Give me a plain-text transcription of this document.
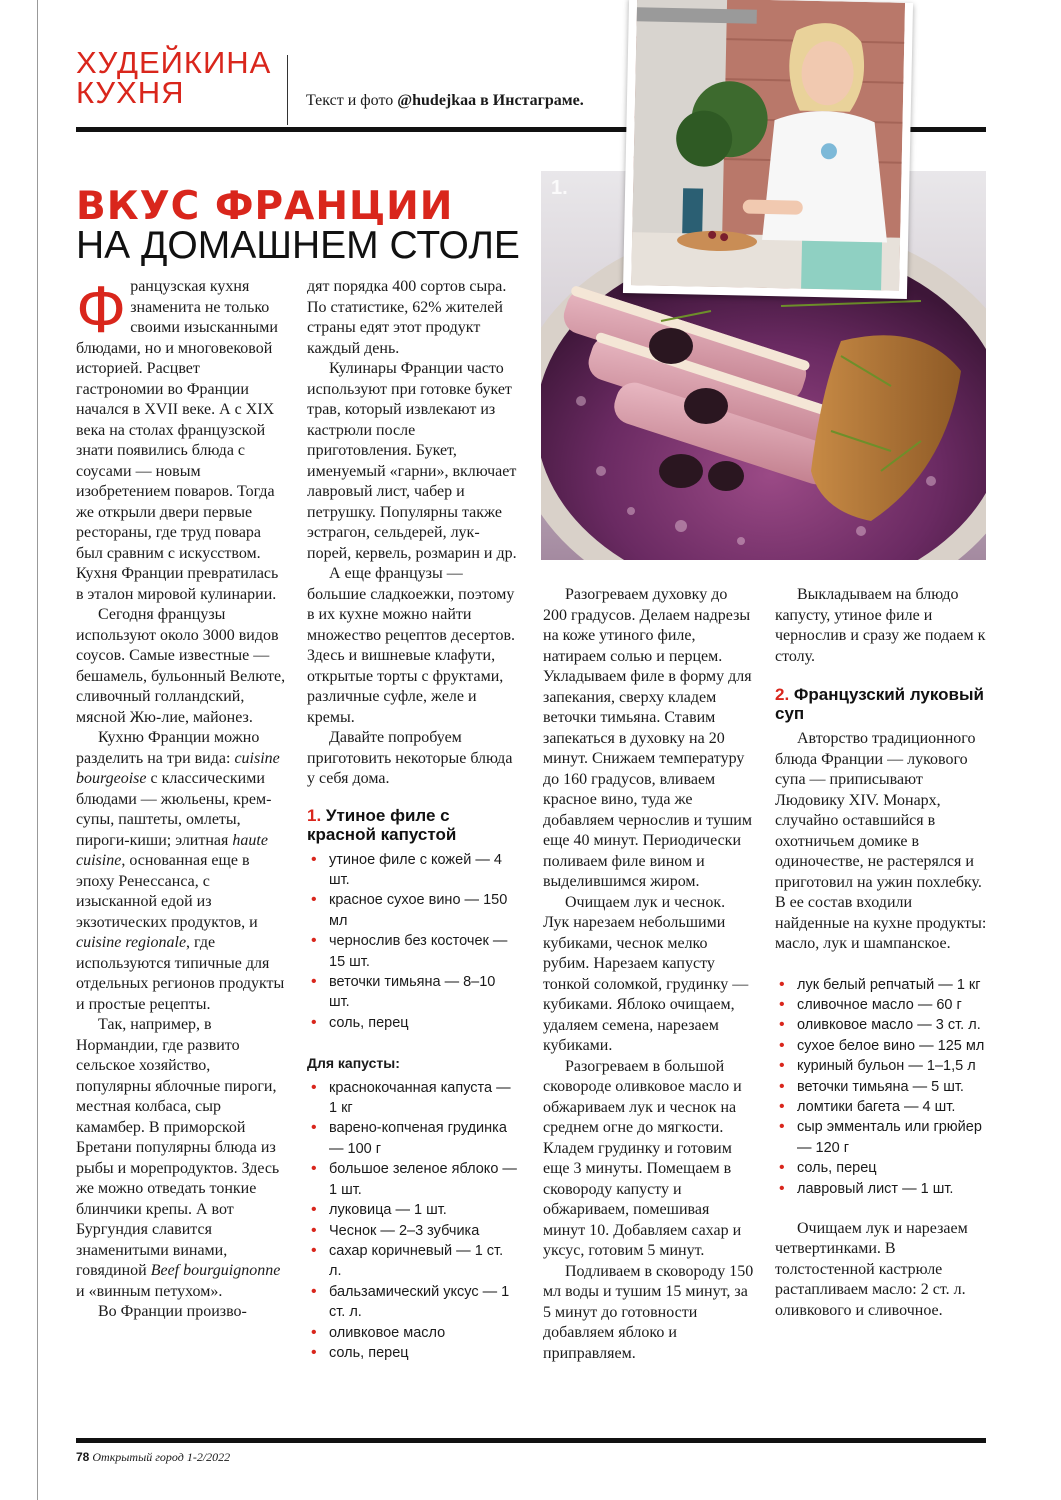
ХУДЕЙКИНА
КУХНЯ	Текст и фото @hudejkaa в Инстаграме.
ВКУС ФРАНЦИИ
НА ДОМАШНЕМ СТОЛЕ
1.

Французская кухня знаменита не только своими изысканными блюдами, но и многовековой историей. Расцвет гастрономии во Франции начался в XVII веке. А с XIX века на столах французской знати появились блюда с соусами — новым изобретением поваров. Тогда же открыли двери первые рестораны, где труд повара был сравним с искусством. Кухня Франции превратилась в эталон мировой кулинарии.

Сегодня французы используют около 3000 видов соусов. Самые известные — бешамель, бульонный Велюте, сливочный голландский, мясной Жю-лие, майонез.

Кухню Франции можно разделить на три вида: cuisine bourgeoise с классическими блюдами — жюльены, крем-супы, паштеты, омлеты, пироги-киши; элитная haute cuisine, основанная еще в эпоху Ренессанса, с изысканной едой из экзотических продуктов, и cuisine regionale, где используются типичные для отдельных регионов продукты и простые рецепты.

Так, например, в Нормандии, где развито сельское хозяйство, популярны яблочные пироги, местная колбаса, сыр камамбер. В приморской Бретани популярны блюда из рыбы и морепродуктов. Здесь же можно отведать тонкие блинчики крепы. А вот Бургундия славится знаменитыми винами, говядиной Beef bourguignonne и «винным петухом».

Во Франции произво-

дят порядка 400 сортов сыра. По статистике, 62% жителей страны едят этот продукт каждый день.

Кулинары Франции часто используют при готовке букет трав, который извлекают из кастрюли после приготовления. Букет, именуемый «гарни», включает лавровый лист, чабер и петрушку. Популярны также эстрагон, сельдерей, лук-порей, кервель, розмарин и др.

А еще французы — большие сладкоежки, поэтому в их кухне можно найти множество рецептов десертов. Здесь и вишневые клафути, открытые торты с фруктами, различные суфле, желе и кремы.

Давайте попробуем приготовить некоторые блюда у себя дома.

1. Утиное филе с красной капустой
• утиное филе с кожей — 4 шт.
• красное сухое вино — 150 мл
• чернослив без косточек — 15 шт.
• веточки тимьяна — 8–10 шт.
• соль, перец
Для капусты:
• краснокочанная капуста — 1 кг
• варено-копченая грудинка — 100 г
• большое зеленое яблоко — 1 шт.
• луковица — 1 шт.
• Чеснок — 2–3 зубчика
• сахар коричневый — 1 ст. л.
• бальзамический уксус — 1 ст. л.
• оливковое масло
• соль, перец

Разогреваем духовку до 200 градусов. Делаем надрезы на коже утиного филе, натираем солью и перцем. Укладываем филе в форму для запекания, сверху кладем веточки тимьяна. Ставим запекаться в духовку на 20 минут. Снижаем температуру до 160 градусов, вливаем красное вино, туда же добавляем чернослив и тушим еще 40 минут. Периодически поливаем филе вином и выделившимся жиром.

Очищаем лук и чеснок. Лук нарезаем небольшими кубиками, чеснок мелко рубим. Нарезаем капусту тонкой соломкой, грудинку — кубиками. Яблоко очищаем, удаляем семена, нарезаем кубиками.

Разогреваем в большой сковороде оливковое масло и обжариваем лук и чеснок на среднем огне до мягкости. Кладем грудинку и готовим еще 3 минуты. Помещаем в сковороду капусту и обжариваем, помешивая минут 10. Добавляем сахар и уксус, готовим 5 минут.

Подливаем в сковороду 150 мл воды и тушим 15 минут, за 5 минут до готовности добавляем яблоко и приправляем.

Выкладываем на блюдо капусту, утиное филе и чернослив и сразу же подаем к столу.

2. Французский луковый суп

Авторство традиционного блюда Франции — лукового супа — приписывают Людовику XIV. Монарх, случайно оставшийся в охотничьем домике в одиночестве, не растерялся и приготовил на ужин похлебку. В ее состав входили найденные на кухне продукты: масло, лук и шампанское.

• лук белый репчатый — 1 кг
• сливочное масло — 60 г
• оливковое масло — 3 ст. л.
• сухое белое вино — 125 мл
• куриный бульон — 1–1,5 л
• веточки тимьяна — 5 шт.
• ломтики багета — 4 шт.
• сыр эмменталь или грюйер — 120 г
• соль, перец
• лавровый лист — 1 шт.

Очищаем лук и нарезаем четвертинками. В толстостенной кастрюле растапливаем масло: 2 ст. л. оливкового и сливочное.

78 Открытый город 1-2/2022
